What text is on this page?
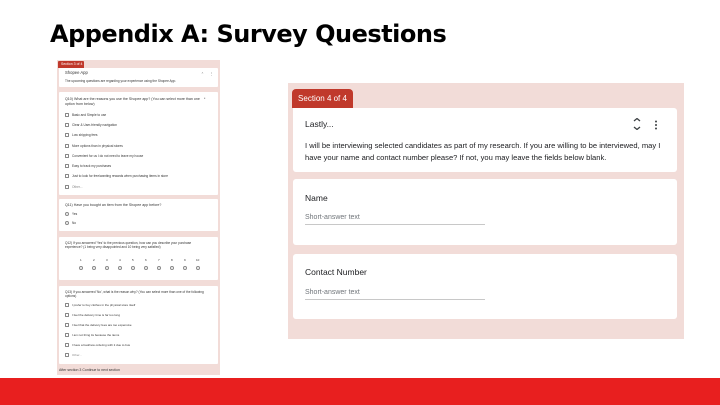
Appendix A: Survey Questions
Section 3 of 4
Shopee App
The upcoming questions are regarding your experience using the Shopee App.
⌃ ⋮
Q10) What are the reasons you use the Shopee app? (You can select more than one option from below)
*
Basic and Simple to use
Clear & User-friendly navigation
Low shipping fees
More options than in physical stores
Convenient for us I do not need to leave my house
Easy to track my purchases
Just to look for free/wanting rewards when purchasing items in store
Other...
Q11) Have you bought an item from the Shopee app before?
Yes
No
Q12) If you answered 'Yes' to the previous question, how can you describe your purchase experience? (1 being very disappointed and 10 being very satisfied)
1	2	3	4	5	6	7	8	9	10
Q13) If you answered 'No', what is the reason why? (You can select more than one of the following options)
I prefer to buy clothes in the physical store itself
I feel the delivery time is far too long
I feel that the delivery fees are too expensive
I am not thing its because the items
I have a bad/new ordering with it due to bus
Other...
After section 3 Continue to next section
Section 4 of 4
Lastly...
I will be interviewing selected candidates as part of my research. If you are willing to be interviewed, may I have your name and contact number please? If not, you may leave the fields below blank.
Name
Short-answer text
Contact Number
Short-answer text
